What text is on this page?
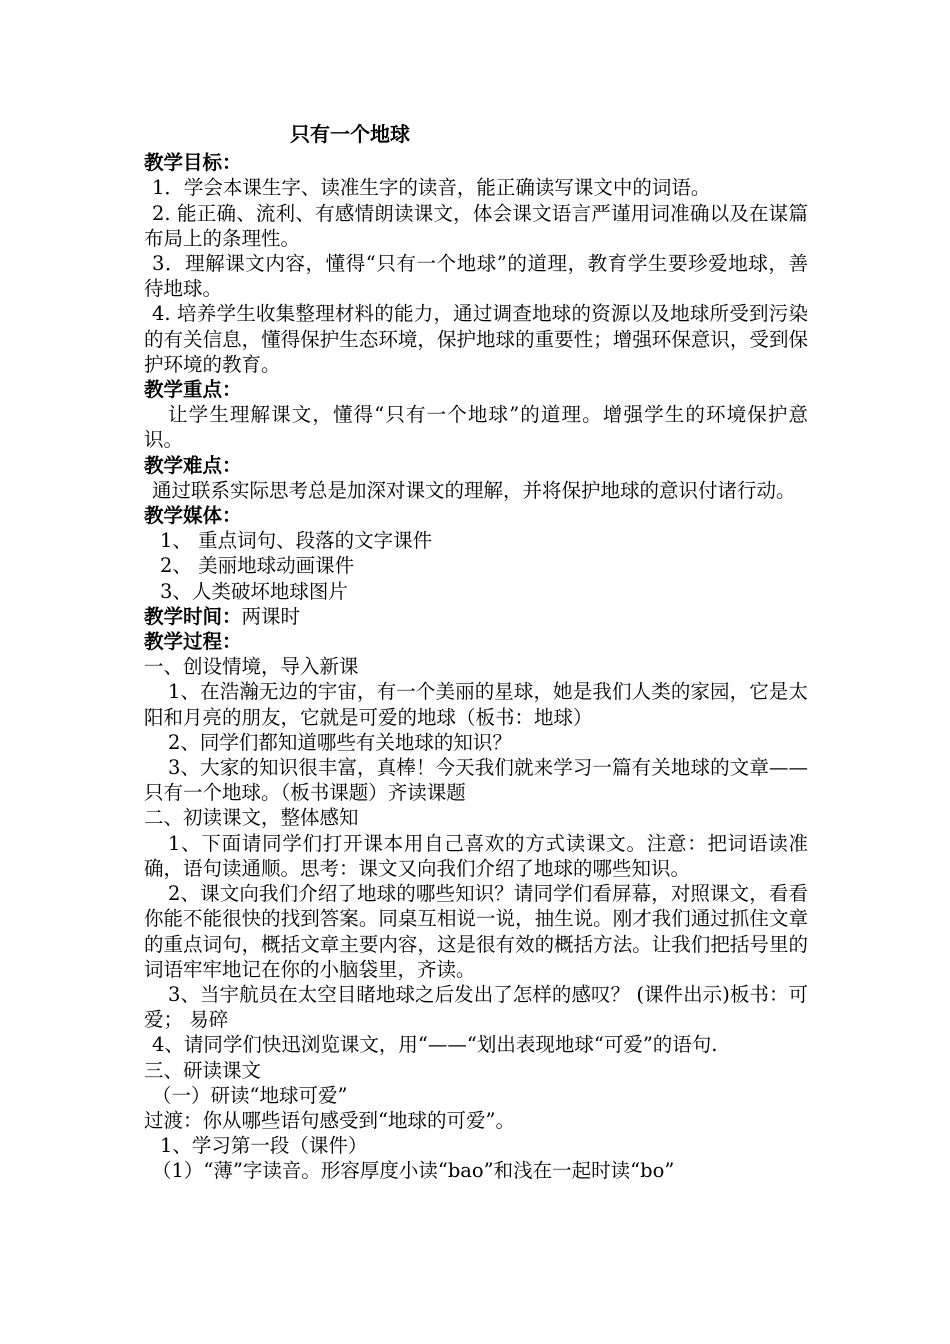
只有一个地球
教学目标：

1．学会本课生字、读准生字的读音，能正确读写课文中的词语。

2. 能正确、流利、有感情朗读课文，体会课文语言严谨用词准确以及在谋篇布局上的条理性。

3．理解课文内容，懂得“只有一个地球”的道理，教育学生要珍爱地球，善待地球。

4. 培养学生收集整理材料的能力，通过调查地球的资源以及地球所受到污染的有关信息，懂得保护生态环境，保护地球的重要性；增强环保意识，受到保护环境的教育。

教学重点：

让学生理解课文，懂得“只有一个地球”的道理。增强学生的环境保护意识。

教学难点：

通过联系实际思考总是加深对课文的理解，并将保护地球的意识付诸行动。

教学媒体：

1、 重点词句、段落的文字课件

2、 美丽地球动画课件

3、人类破坏地球图片

教学时间：两课时
教学过程：

一、创设情境，导入新课

1、在浩瀚无边的宇宙，有一个美丽的星球，她是我们人类的家园，它是太阳和月亮的朋友，它就是可爱的地球（板书：地球）

2、同学们都知道哪些有关地球的知识？

3、大家的知识很丰富，真棒！今天我们就来学习一篇有关地球的文章——只有一个地球。（板书课题）齐读课题

二、初读课文，整体感知

1、下面请同学们打开课本用自己喜欢的方式读课文。注意：把词语读准确，语句读通顺。思考：课文又向我们介绍了地球的哪些知识。

2、课文向我们介绍了地球的哪些知识？请同学们看屏幕，对照课文，看看你能不能很快的找到答案。同桌互相说一说，抽生说。刚才我们通过抓住文章的重点词句，概括文章主要内容，这是很有效的概括方法。让我们把括号里的词语牢牢地记在你的小脑袋里，齐读。

3、当宇航员在太空目睹地球之后发出了怎样的感叹？ (课件出示)板书：可爱； 易碎

4、请同学们快迅浏览课文，用“——“划出表现地球“可爱”的语句.

三、研读课文

（一）研读“地球可爱”

过渡：你从哪些语句感受到“地球的可爱”。

1、学习第一段（课件）

（1）“薄”字读音。形容厚度小读“bao”和浅在一起时读“bo”
